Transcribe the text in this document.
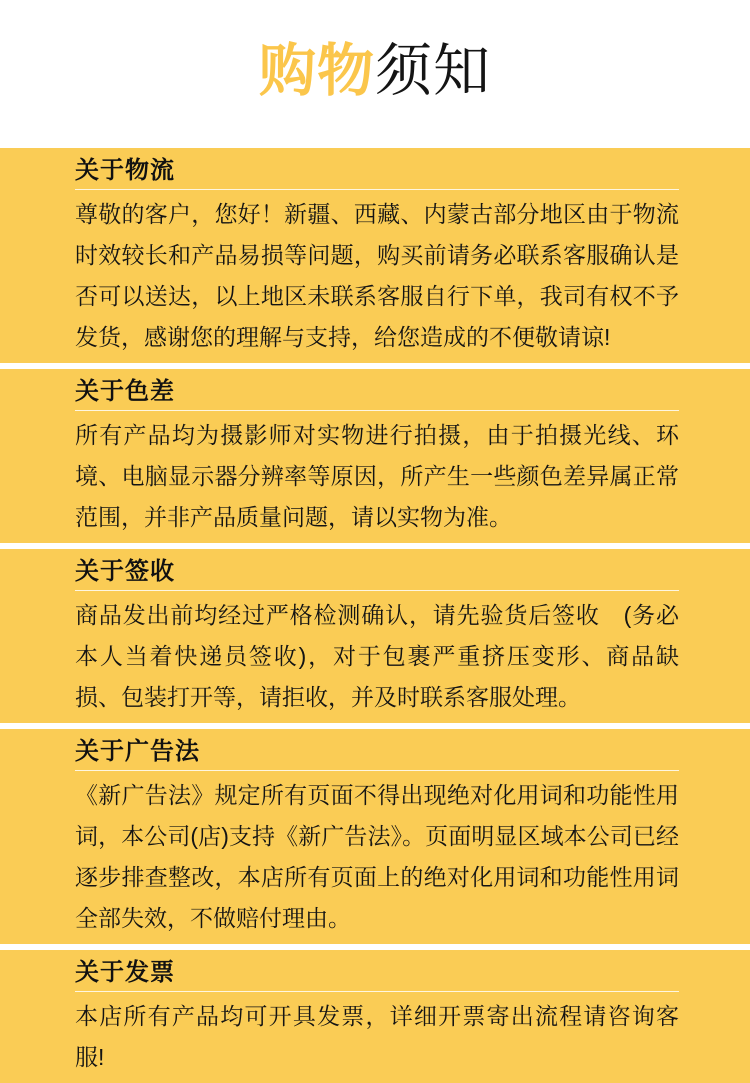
购物须知
关于物流

尊敬的客户，您好！新疆、西藏、内蒙古部分地区由于物流时效较长和产品易损等问题，购买前请务必联系客服确认是否可以送达，以上地区未联系客服自行下单，我司有权不予发货，感谢您的理解与支持，给您造成的不便敬请谅!

关于色差

所有产品均为摄影师对实物进行拍摄，由于拍摄光线、环境、电脑显示器分辨率等原因，所产生一些颜色差异属正常范围，并非产品质量问题，请以实物为准。

关于签收

商品发出前均经过严格检测确认，请先验货后签收　(务必本人当着快递员签收)，对于包裹严重挤压变形、商品缺损、包装打开等，请拒收，并及时联系客服处理。

关于广告法

《新广告法》规定所有页面不得出现绝对化用词和功能性用词，本公司(店)支持《新广告法》。页面明显区域本公司已经逐步排查整改，本店所有页面上的绝对化用词和功能性用词全部失效，不做赔付理由。

关于发票

本店所有产品均可开具发票，详细开票寄出流程请咨询客服!
